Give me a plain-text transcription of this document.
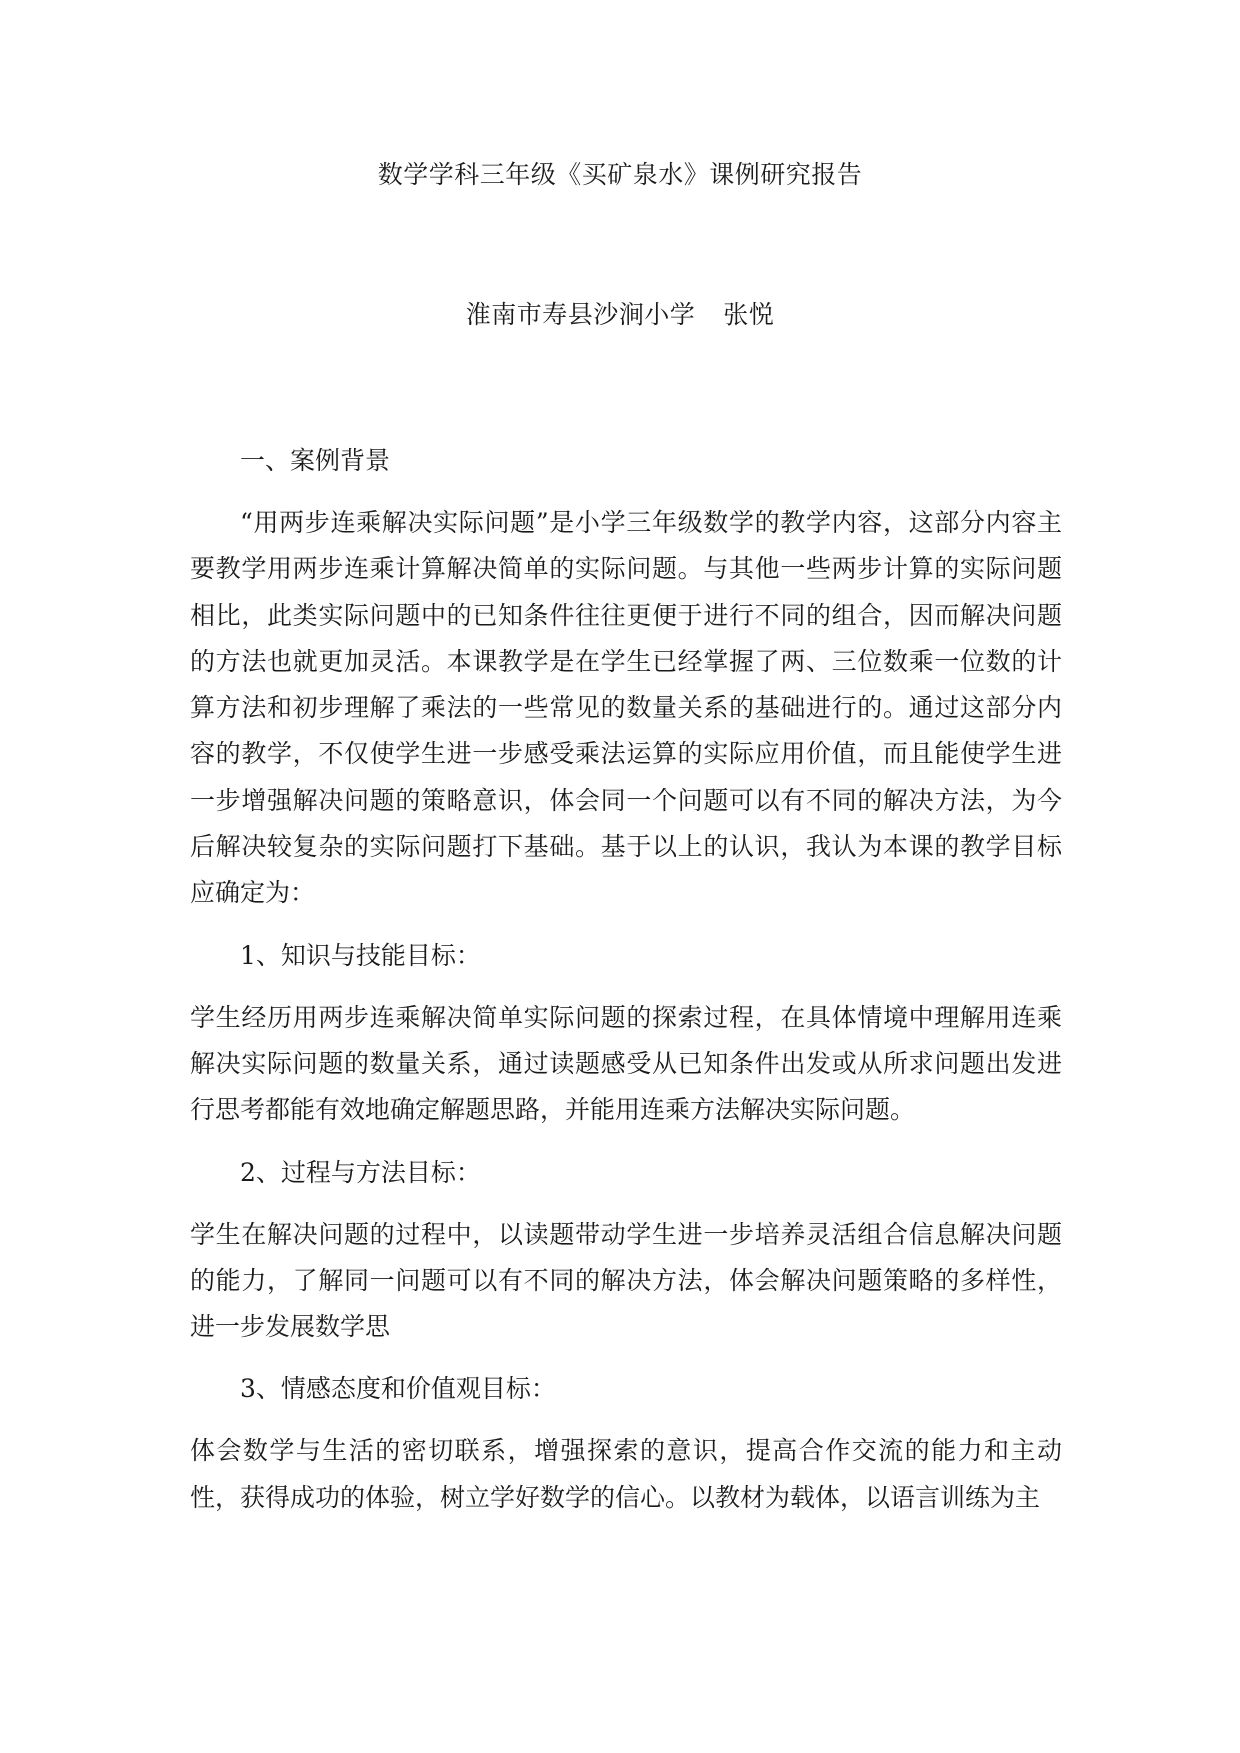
数学学科三年级《买矿泉水》课例研究报告
淮南市寿县沙涧小学 张悦

一、案例背景

“用两步连乘解决实际问题”是小学三年级数学的教学内容，这部分内容主要教学用两步连乘计算解决简单的实际问题。与其他一些两步计算的实际问题相比，此类实际问题中的已知条件往往更便于进行不同的组合，因而解决问题的方法也就更加灵活。本课教学是在学生已经掌握了两、三位数乘一位数的计算方法和初步理解了乘法的一些常见的数量关系的基础进行的。通过这部分内容的教学，不仅使学生进一步感受乘法运算的实际应用价值，而且能使学生进一步增强解决问题的策略意识，体会同一个问题可以有不同的解决方法，为今后解决较复杂的实际问题打下基础。基于以上的认识，我认为本课的教学目标应确定为：

1、知识与技能目标：

学生经历用两步连乘解决简单实际问题的探索过程，在具体情境中理解用连乘解决实际问题的数量关系，通过读题感受从已知条件出发或从所求问题出发进行思考都能有效地确定解题思路，并能用连乘方法解决实际问题。

2、过程与方法目标：

学生在解决问题的过程中，以读题带动学生进一步培养灵活组合信息解决问题的能力，了解同一问题可以有不同的解决方法，体会解决问题策略的多样性，进一步发展数学思

3、情感态度和价值观目标：

体会数学与生活的密切联系，增强探索的意识，提高合作交流的能力和主动性，获得成功的体验，树立学好数学的信心。以教材为载体，以语言训练为主
